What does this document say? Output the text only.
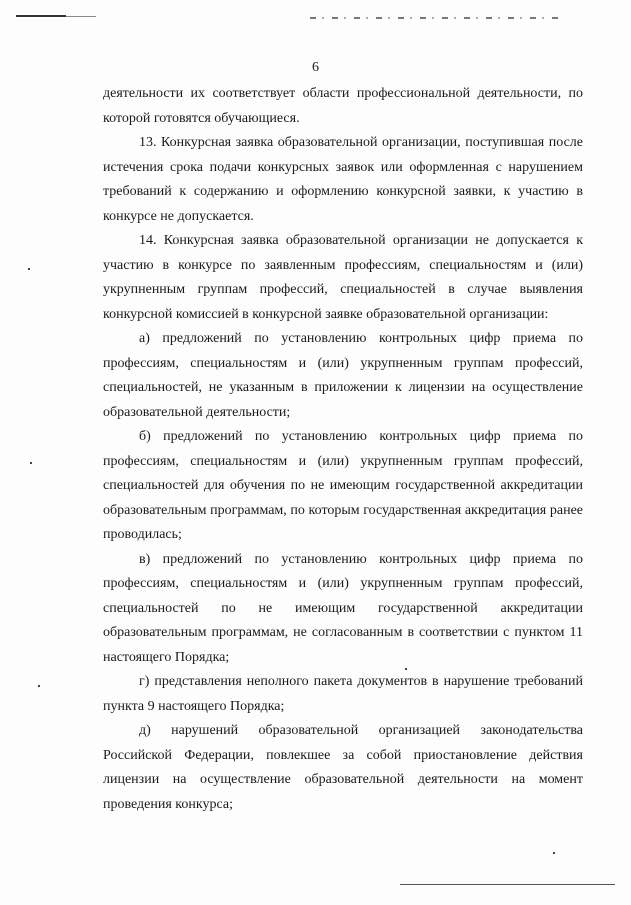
6

деятельности их соответствует области профессиональной деятельности, по которой готовятся обучающиеся.

13. Конкурсная заявка образовательной организации, поступившая после истечения срока подачи конкурсных заявок или оформленная с нарушением требований к содержанию и оформлению конкурсной заявки, к участию в конкурсе не допускается.

14. Конкурсная заявка образовательной организации не допускается к участию в конкурсе по заявленным профессиям, специальностям и (или) укрупненным группам профессий, специальностей в случае выявления конкурсной комиссией в конкурсной заявке образовательной организации:

а) предложений по установлению контрольных цифр приема по профессиям, специальностям и (или) укрупненным группам профессий, специальностей, не указанным в приложении к лицензии на осуществление образовательной деятельности;

б) предложений по установлению контрольных цифр приема по профессиям, специальностям и (или) укрупненным группам профессий, специальностей для обучения по не имеющим государственной аккредитации образовательным программам, по которым государственная аккредитация ранее проводилась;

в) предложений по установлению контрольных цифр приема по профессиям, специальностям и (или) укрупненным группам профессий, специальностей по не имеющим государственной аккредитации образовательным программам, не согласованным в соответствии с пунктом 11 настоящего Порядка;

г) представления неполного пакета документов в нарушение требований пункта 9 настоящего Порядка;

д) нарушений образовательной организацией законодательства Российской Федерации, повлекшее за собой приостановление действия лицензии на осуществление образовательной деятельности на момент проведения конкурса;
